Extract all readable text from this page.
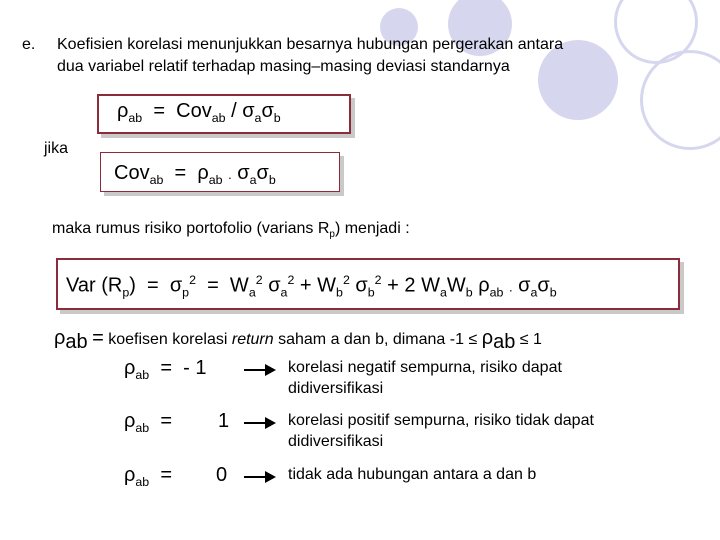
e. Koefisien korelasi menunjukkan besarnya hubungan pergerakan antara
dua variabel relatif terhadap masing–masing deviasi standarnya
$\rho_{ab} = Cov_{ab} / \sigma_a\sigma_b$
jika
$Cov_{ab} = \rho_{ab}$ . $\sigma_a\sigma_b$
maka rumus risiko portofolio (varians $R_p$) menjadi :
Var $(R_p) = \sigma_p^2 = W_a^2$ $\sigma_a^2 + W_b^2$ $\sigma_b^2 + 2$ $W_aW_b$ $\rho_{ab}$ . $\sigma_a\sigma_b$
$\rho_{ab}$ = koefisen korelasi return saham a dan b, dimana $-1 \le \rho_{ab} \le 1$
$\rho_{ab}$ = - 1	korelasi negatif sempurna, risiko dapat
didiversifikasi
$\rho_{ab} = 1$	korelasi positif sempurna, risiko tidak dapat
didiversifikasi
$\rho_{ab} = 0$	tidak ada hubungan antara a dan b
